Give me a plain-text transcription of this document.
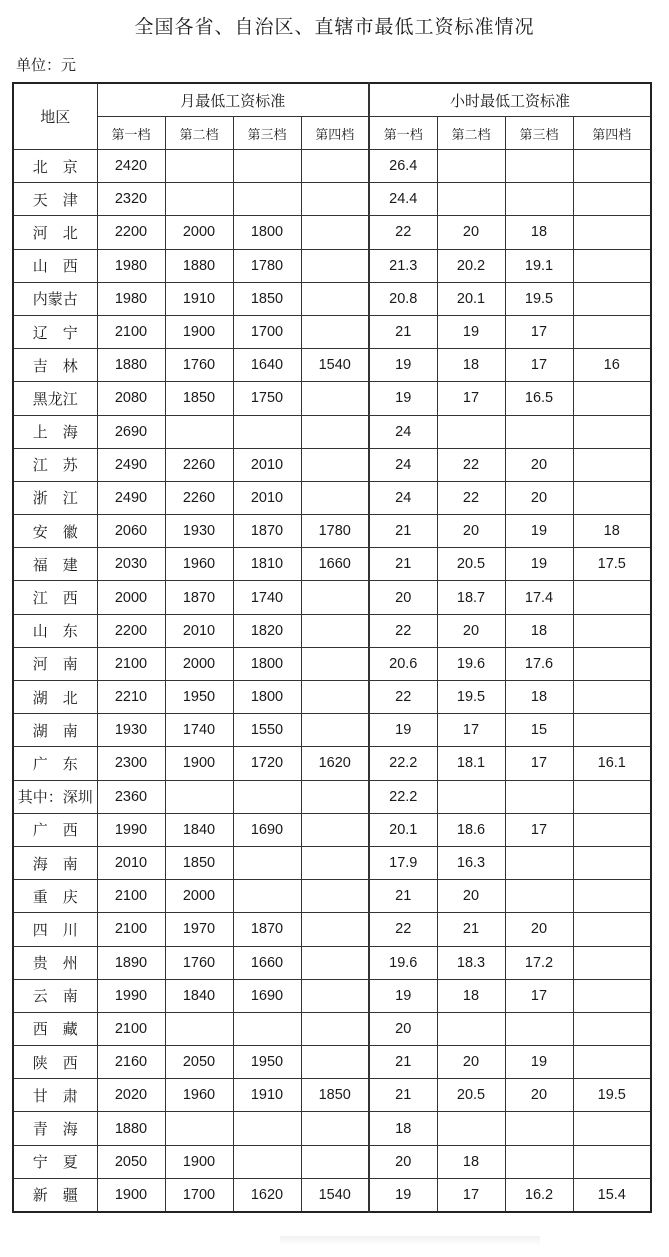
全国各省、自治区、直辖市最低工资标准情况
单位：元
地区	月最低工资标准				小时最低工资标准			
	第一档	第二档	第三档	第四档	第一档	第二档	第三档	第四档
北　京	2420				26.4			
天　津	2320				24.4			
河　北	2200	2000	1800		22	20	18	
山　西	1980	1880	1780		21.3	20.2	19.1	
内蒙古	1980	1910	1850		20.8	20.1	19.5	
辽　宁	2100	1900	1700		21	19	17	
吉　林	1880	1760	1640	1540	19	18	17	16
黑龙江	2080	1850	1750		19	17	16.5	
上　海	2690				24			
江　苏	2490	2260	2010		24	22	20	
浙　江	2490	2260	2010		24	22	20	
安　徽	2060	1930	1870	1780	21	20	19	18
福　建	2030	1960	1810	1660	21	20.5	19	17.5
江　西	2000	1870	1740		20	18.7	17.4	
山　东	2200	2010	1820		22	20	18	
河　南	2100	2000	1800		20.6	19.6	17.6	
湖　北	2210	1950	1800		22	19.5	18	
湖　南	1930	1740	1550		19	17	15	
广　东	2300	1900	1720	1620	22.2	18.1	17	16.1
其中：深圳	2360				22.2			
广　西	1990	1840	1690		20.1	18.6	17	
海　南	2010	1850			17.9	16.3		
重　庆	2100	2000			21	20		
四　川	2100	1970	1870		22	21	20	
贵　州	1890	1760	1660		19.6	18.3	17.2	
云　南	1990	1840	1690		19	18	17	
西　藏	2100				20			
陕　西	2160	2050	1950		21	20	19	
甘　肃	2020	1960	1910	1850	21	20.5	20	19.5
青　海	1880				18			
宁　夏	2050	1900			20	18		
新　疆	1900	1700	1620	1540	19	17	16.2	15.4
